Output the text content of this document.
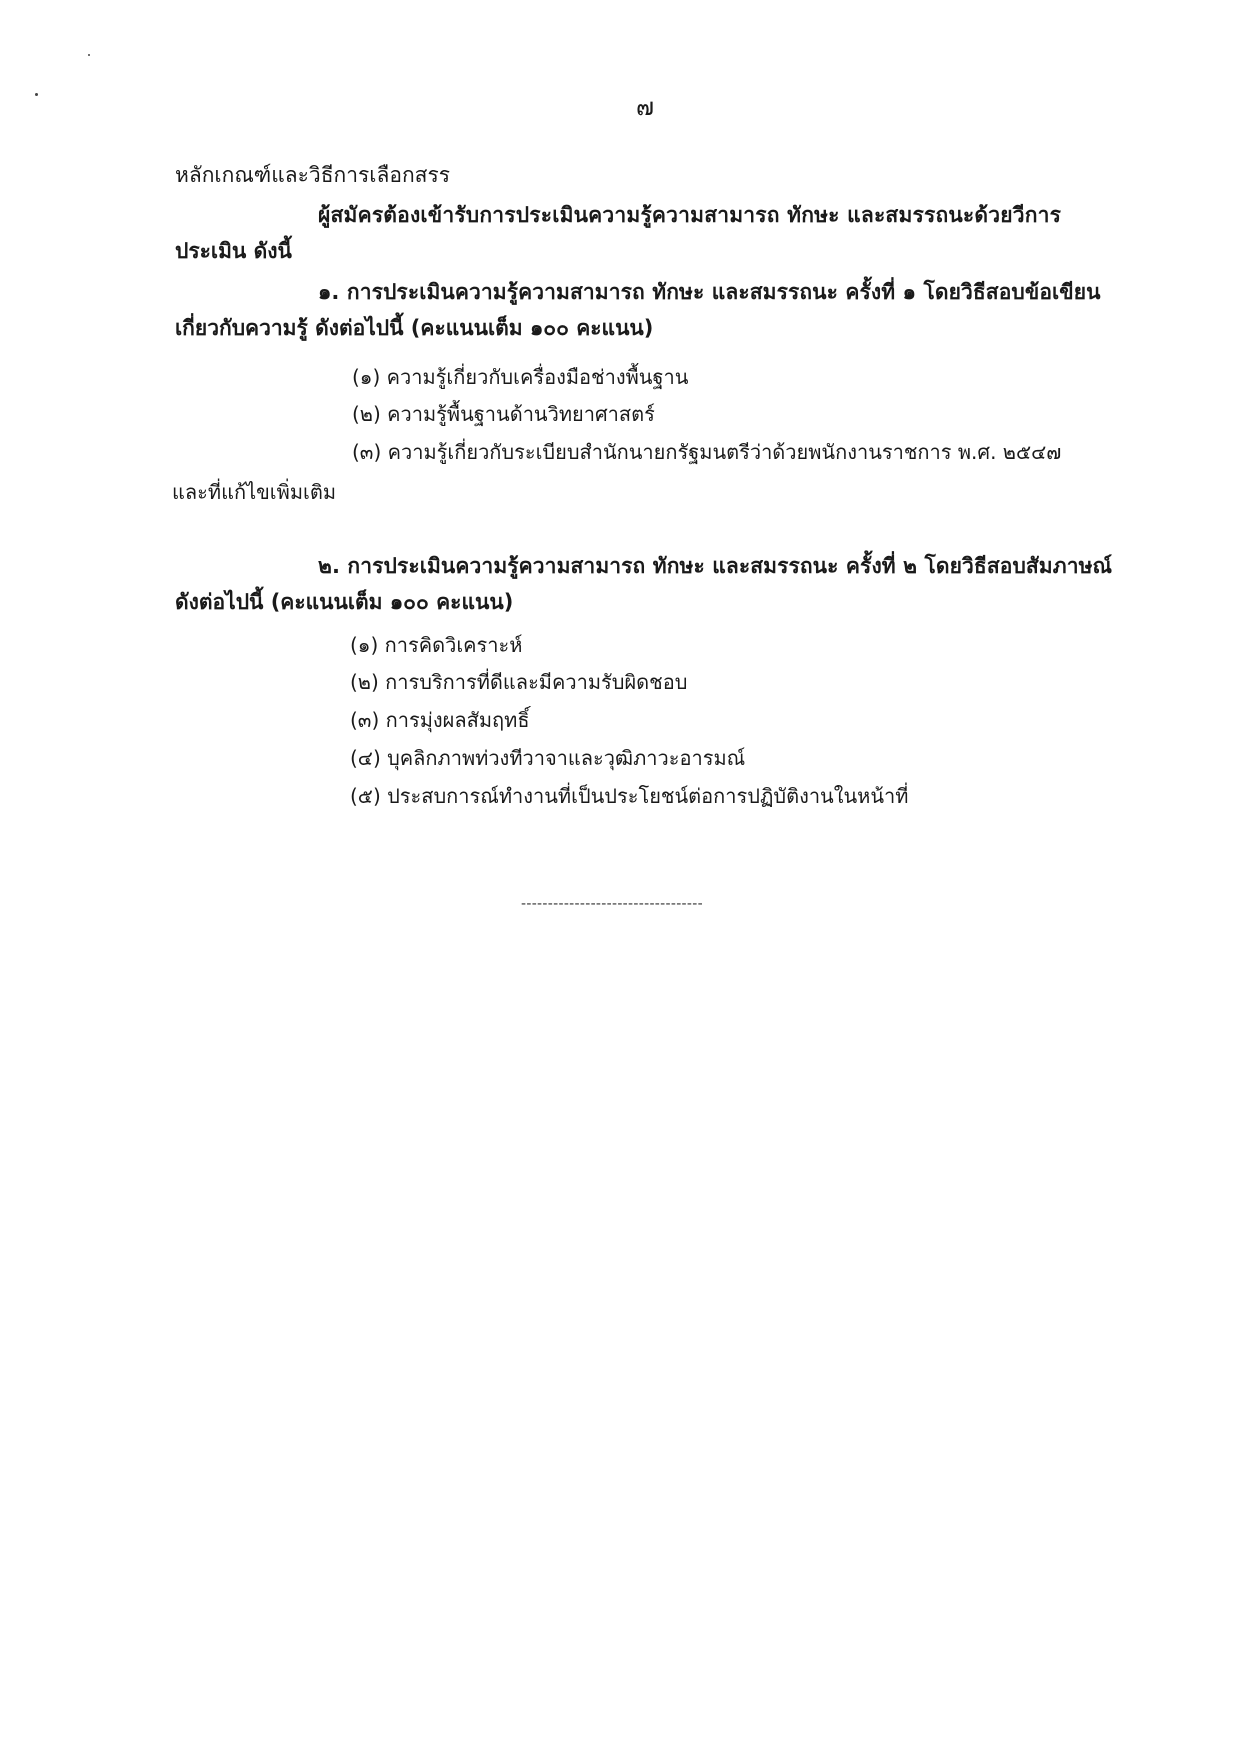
๗
หลักเกณฑ์และวิธีการเลือกสรร
ผู้สมัครต้องเข้ารับการประเมินความรู้ความสามารถ ทักษะ และสมรรถนะด้วยวีการ
ประเมิน ดังนี้
๑. การประเมินความรู้ความสามารถ ทักษะ และสมรรถนะ ครั้งที่ ๑ โดยวิธีสอบข้อเขียน
เกี่ยวกับความรู้ ดังต่อไปนี้ (คะแนนเต็ม ๑๐๐ คะแนน)
(๑) ความรู้เกี่ยวกับเครื่องมือช่างพื้นฐาน
(๒) ความรู้พื้นฐานด้านวิทยาศาสตร์
(๓) ความรู้เกี่ยวกับระเบียบสำนักนายกรัฐมนตรีว่าด้วยพนักงานราชการ พ.ศ. ๒๕๔๗
และที่แก้ไขเพิ่มเติม
๒. การประเมินความรู้ความสามารถ ทักษะ และสมรรถนะ ครั้งที่ ๒ โดยวิธีสอบสัมภาษณ์
ดังต่อไปนี้ (คะแนนเต็ม ๑๐๐ คะแนน)
(๑) การคิดวิเคราะห์
(๒) การบริการที่ดีและมีความรับผิดชอบ
(๓) การมุ่งผลสัมฤทธิ์
(๔) บุคลิกภาพท่วงทีวาจาและวุฒิภาวะอารมณ์
(๕) ประสบการณ์ทำงานที่เป็นประโยชน์ต่อการปฏิบัติงานในหน้าที่
----------------------------------
